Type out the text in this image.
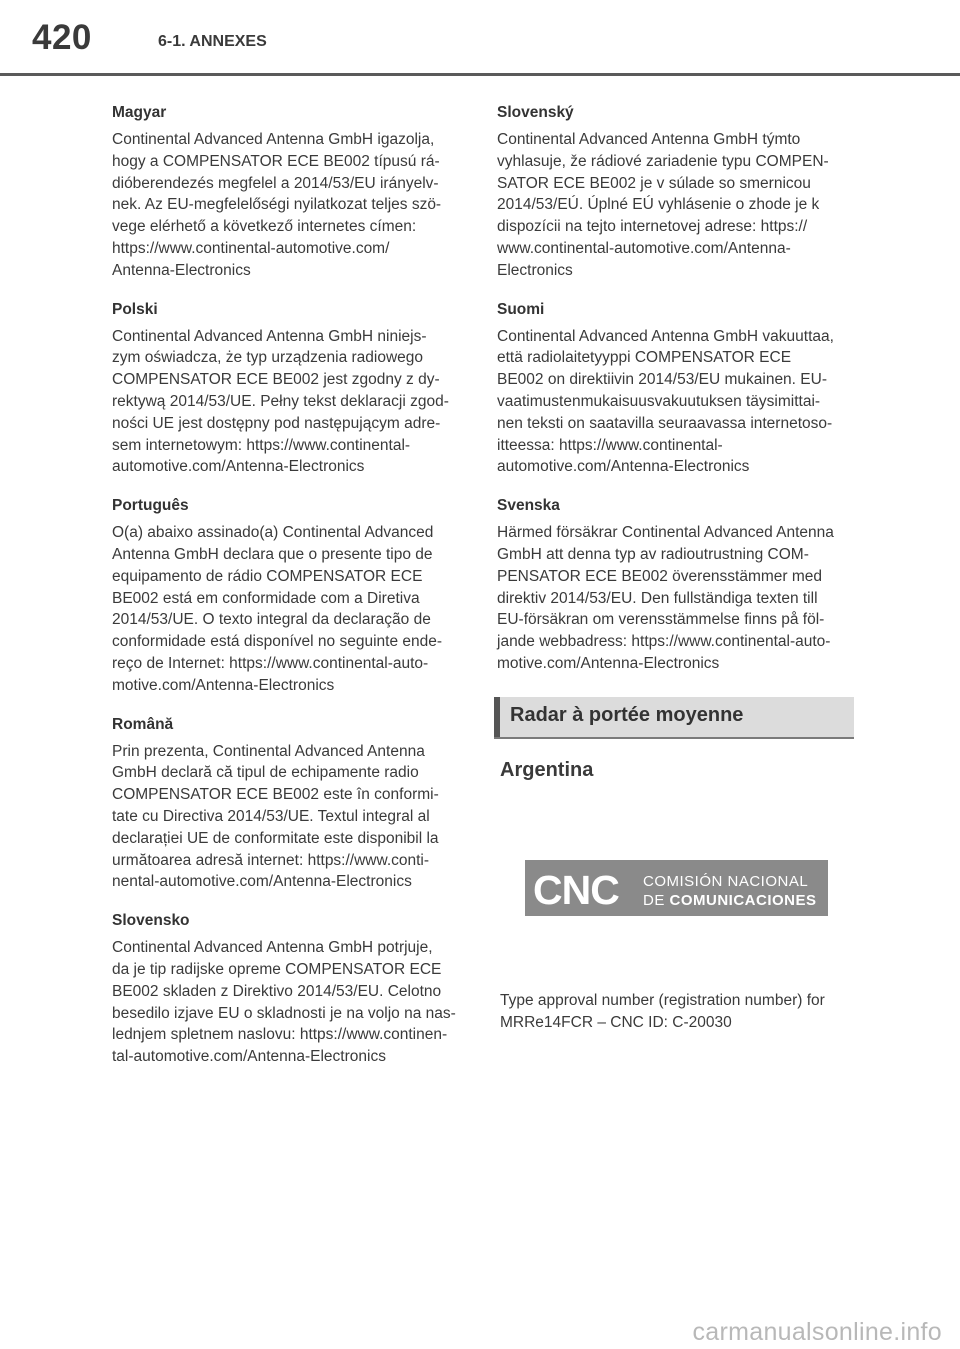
420	6-1. ANNEXES
Magyar
Continental Advanced Antenna GmbH igazolja,
hogy a COMPENSATOR ECE BE002 típusú rá-
dióberendezés megfelel a 2014/53/EU irányelv-
nek. Az EU-megfelelőségi nyilatkozat teljes szö-
vege elérhető a következő internetes címen:
https://www.continental-automotive.com/
Antenna-Electronics
Polski
Continental Advanced Antenna GmbH niniejs-
zym oświadcza, że typ urządzenia radiowego
COMPENSATOR ECE BE002 jest zgodny z dy-
rektywą 2014/53/UE. Pełny tekst deklaracji zgod-
ności UE jest dostępny pod następującym adre-
sem internetowym: https://www.continental-
automotive.com/Antenna-Electronics
Português
O(a) abaixo assinado(a) Continental Advanced
Antenna GmbH declara que o presente tipo de
equipamento de rádio COMPENSATOR ECE
BE002 está em conformidade com a Diretiva
2014/53/UE. O texto integral da declaração de
conformidade está disponível no seguinte ende-
reço de Internet: https://www.continental-auto-
motive.com/Antenna-Electronics
Română
Prin prezenta, Continental Advanced Antenna
GmbH declară că tipul de echipamente radio
COMPENSATOR ECE BE002 este în conformi-
tate cu Directiva 2014/53/UE. Textul integral al
declarației UE de conformitate este disponibil la
următoarea adresă internet: https://www.conti-
nental-automotive.com/Antenna-Electronics
Slovensko
Continental Advanced Antenna GmbH potrjuje,
da je tip radijske opreme COMPENSATOR ECE
BE002 skladen z Direktivo 2014/53/EU. Celotno
besedilo izjave EU o skladnosti je na voljo na nas-
lednjem spletnem naslovu: https://www.continen-
tal-automotive.com/Antenna-Electronics
Slovenský
Continental Advanced Antenna GmbH týmto
vyhlasuje, že rádiové zariadenie typu COMPEN-
SATOR ECE BE002 je v súlade so smernicou
2014/53/EÚ. Úplné EÚ vyhlásenie o zhode je k
dispozícii na tejto internetovej adrese: https://
www.continental-automotive.com/Antenna-
Electronics
Suomi
Continental Advanced Antenna GmbH vakuuttaa,
että radiolaitetyyppi COMPENSATOR ECE
BE002 on direktiivin 2014/53/EU mukainen. EU-
vaatimustenmukaisuusvakuutuksen täysimittai-
nen teksti on saatavilla seuraavassa internetoso-
itteessa: https://www.continental-
automotive.com/Antenna-Electronics
Svenska
Härmed försäkrar Continental Advanced Antenna
GmbH att denna typ av radioutrustning COM-
PENSATOR ECE BE002 överensstämmer med
direktiv 2014/53/EU. Den fullständiga texten till
EU-försäkran om verensstämmelse finns på föl-
jande webbadress: https://www.continental-auto-
motive.com/Antenna-Electronics
Radar à portée moyenne
Argentina
CNC COMISIÓN NACIONAL
DE COMUNICACIONES
Type approval number (registration number) for
MRRe14FCR – CNC ID: C-20030
carmanualsonline.info
